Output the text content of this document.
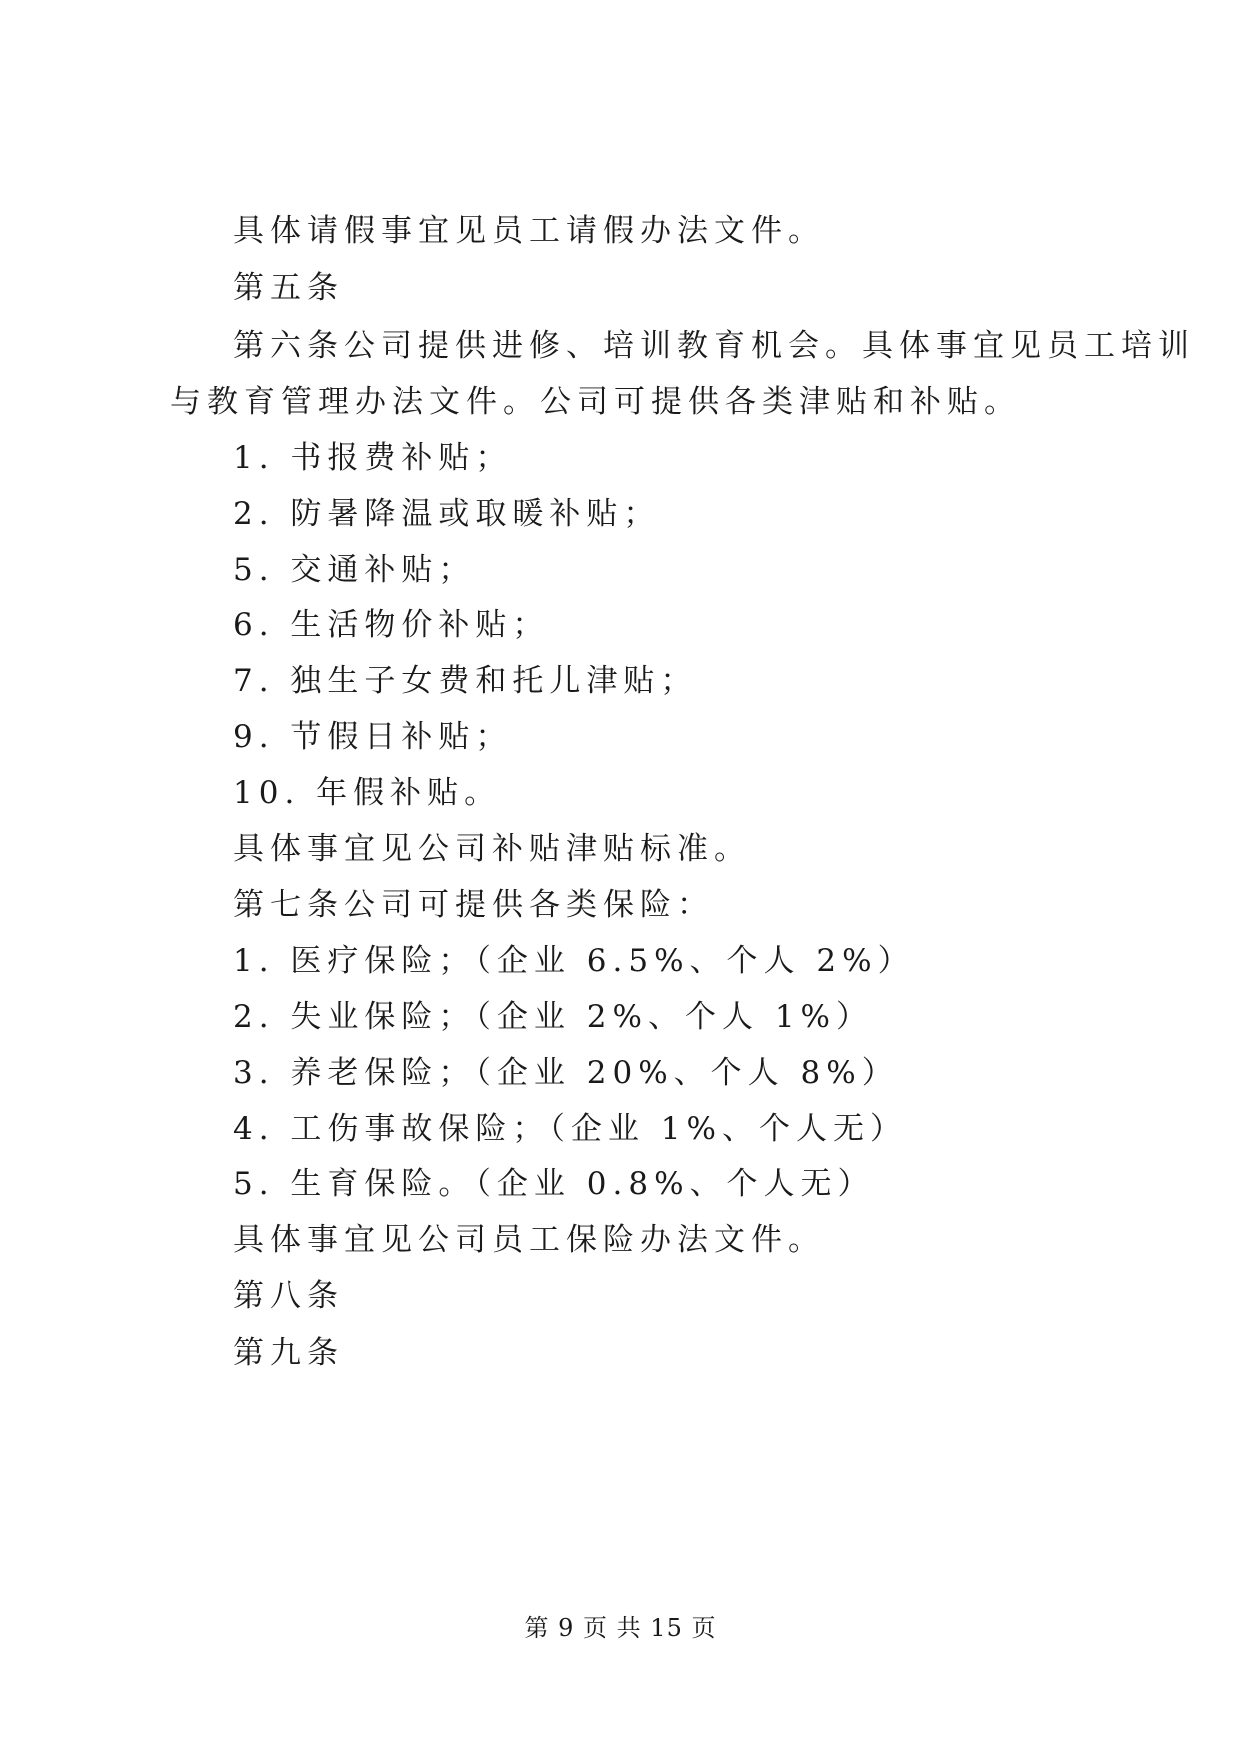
具体请假事宜见员工请假办法文件。
第五条
第六条公司提供进修、培训教育机会。具体事宜见员工培训
与教育管理办法文件。公司可提供各类津贴和补贴。
1. 书报费补贴；
2. 防暑降温或取暖补贴；
5. 交通补贴；
6. 生活物价补贴；
7. 独生子女费和托儿津贴；
9. 节假日补贴；
10. 年假补贴。
具体事宜见公司补贴津贴标准。
第七条公司可提供各类保险：
1. 医疗保险；（企业 6.5%、个人 2%）
2. 失业保险；（企业 2%、个人 1%）
3. 养老保险；（企业 20%、个人 8%）
4. 工伤事故保险；（企业 1%、个人无）
5. 生育保险。（企业 0.8%、个人无）
具体事宜见公司员工保险办法文件。
第八条
第九条
第 9 页 共 15 页
